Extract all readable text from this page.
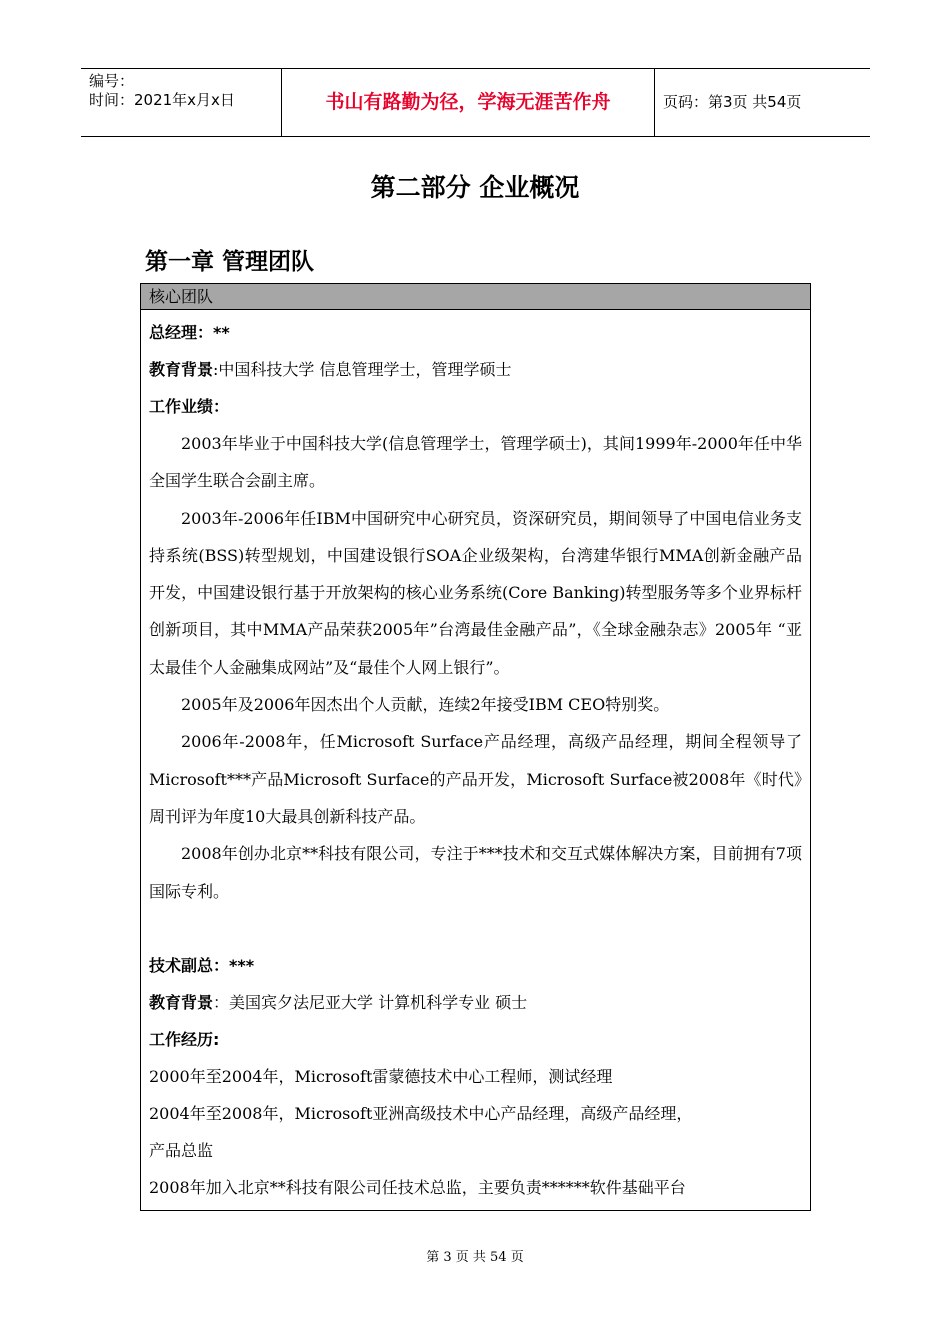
编号：
时间：2021年x月x日	书山有路勤为径，学海无涯苦作舟	页码：第3页 共54页
第二部分 企业概况
第一章 管理团队
核心团队
总经理：**
教育背景:中国科技大学 信息管理学士，管理学硕士
工作业绩：
2003年毕业于中国科技大学(信息管理学士，管理学硕士)，其间1999年-2000年任中华全国学生联合会副主席。
2003年-2006年任IBM中国研究中心研究员，资深研究员，期间领导了中国电信业务支持系统(BSS)转型规划，中国建设银行SOA企业级架构，台湾建华银行MMA创新金融产品开发，中国建设银行基于开放架构的核心业务系统(Core Banking)转型服务等多个业界标杆创新项目，其中MMA产品荣获2005年”台湾最佳金融产品”，《全球金融杂志》2005年 “亚太最佳个人金融集成网站”及“最佳个人网上银行”。
2005年及2006年因杰出个人贡献，连续2年接受IBM CEO特别奖。
2006年-2008年，任Microsoft Surface产品经理，高级产品经理，期间全程领导了Microsoft***产品Microsoft Surface的产品开发，Microsoft Surface被2008年《时代》周刊评为年度10大最具创新科技产品。
2008年创办北京**科技有限公司，专注于***技术和交互式媒体解决方案，目前拥有7项国际专利。
技术副总：***
教育背景：美国宾夕法尼亚大学 计算机科学专业 硕士
工作经历:
2000年至2004年，Microsoft雷蒙德技术中心工程师，测试经理
2004年至2008年，Microsoft亚洲高级技术中心产品经理，高级产品经理，
产品总监
2008年加入北京**科技有限公司任技术总监，主要负责******软件基础平台
第 3 页 共 54 页
